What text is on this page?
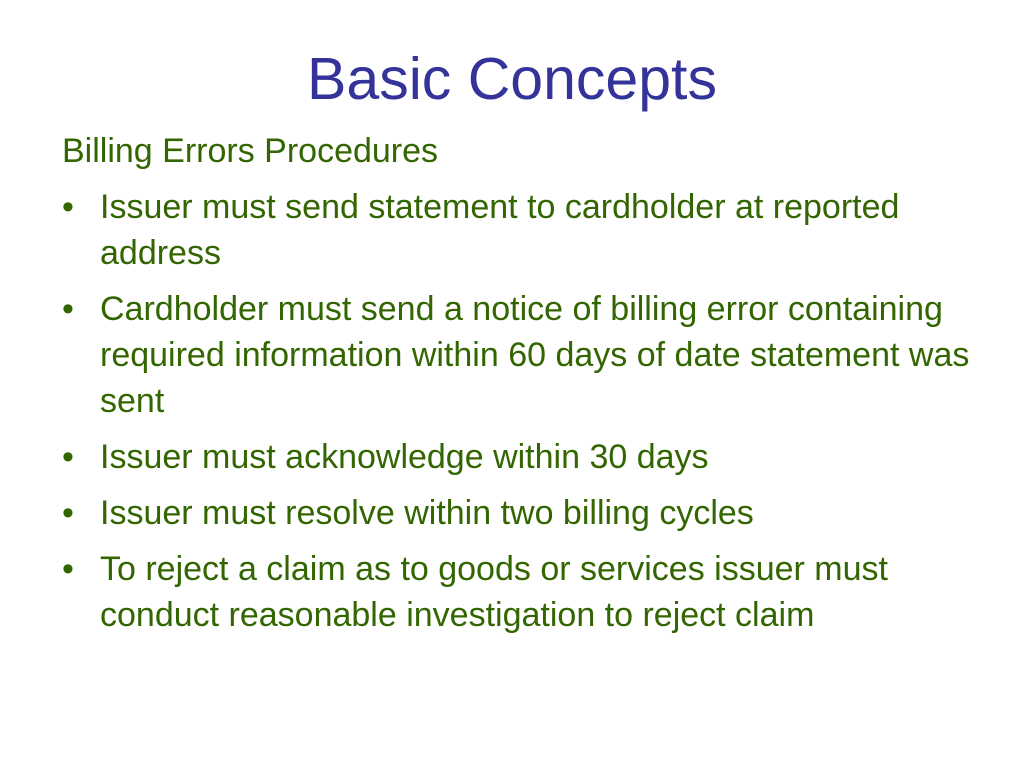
Basic Concepts
Billing Errors Procedures
• Issuer must send statement to cardholder at reported address
• Cardholder must send a notice of billing error containing required information within 60 days of date statement was sent
• Issuer must acknowledge within 30 days
• Issuer must resolve within two billing cycles
• To reject a claim as to goods or services issuer must conduct reasonable investigation to reject claim
